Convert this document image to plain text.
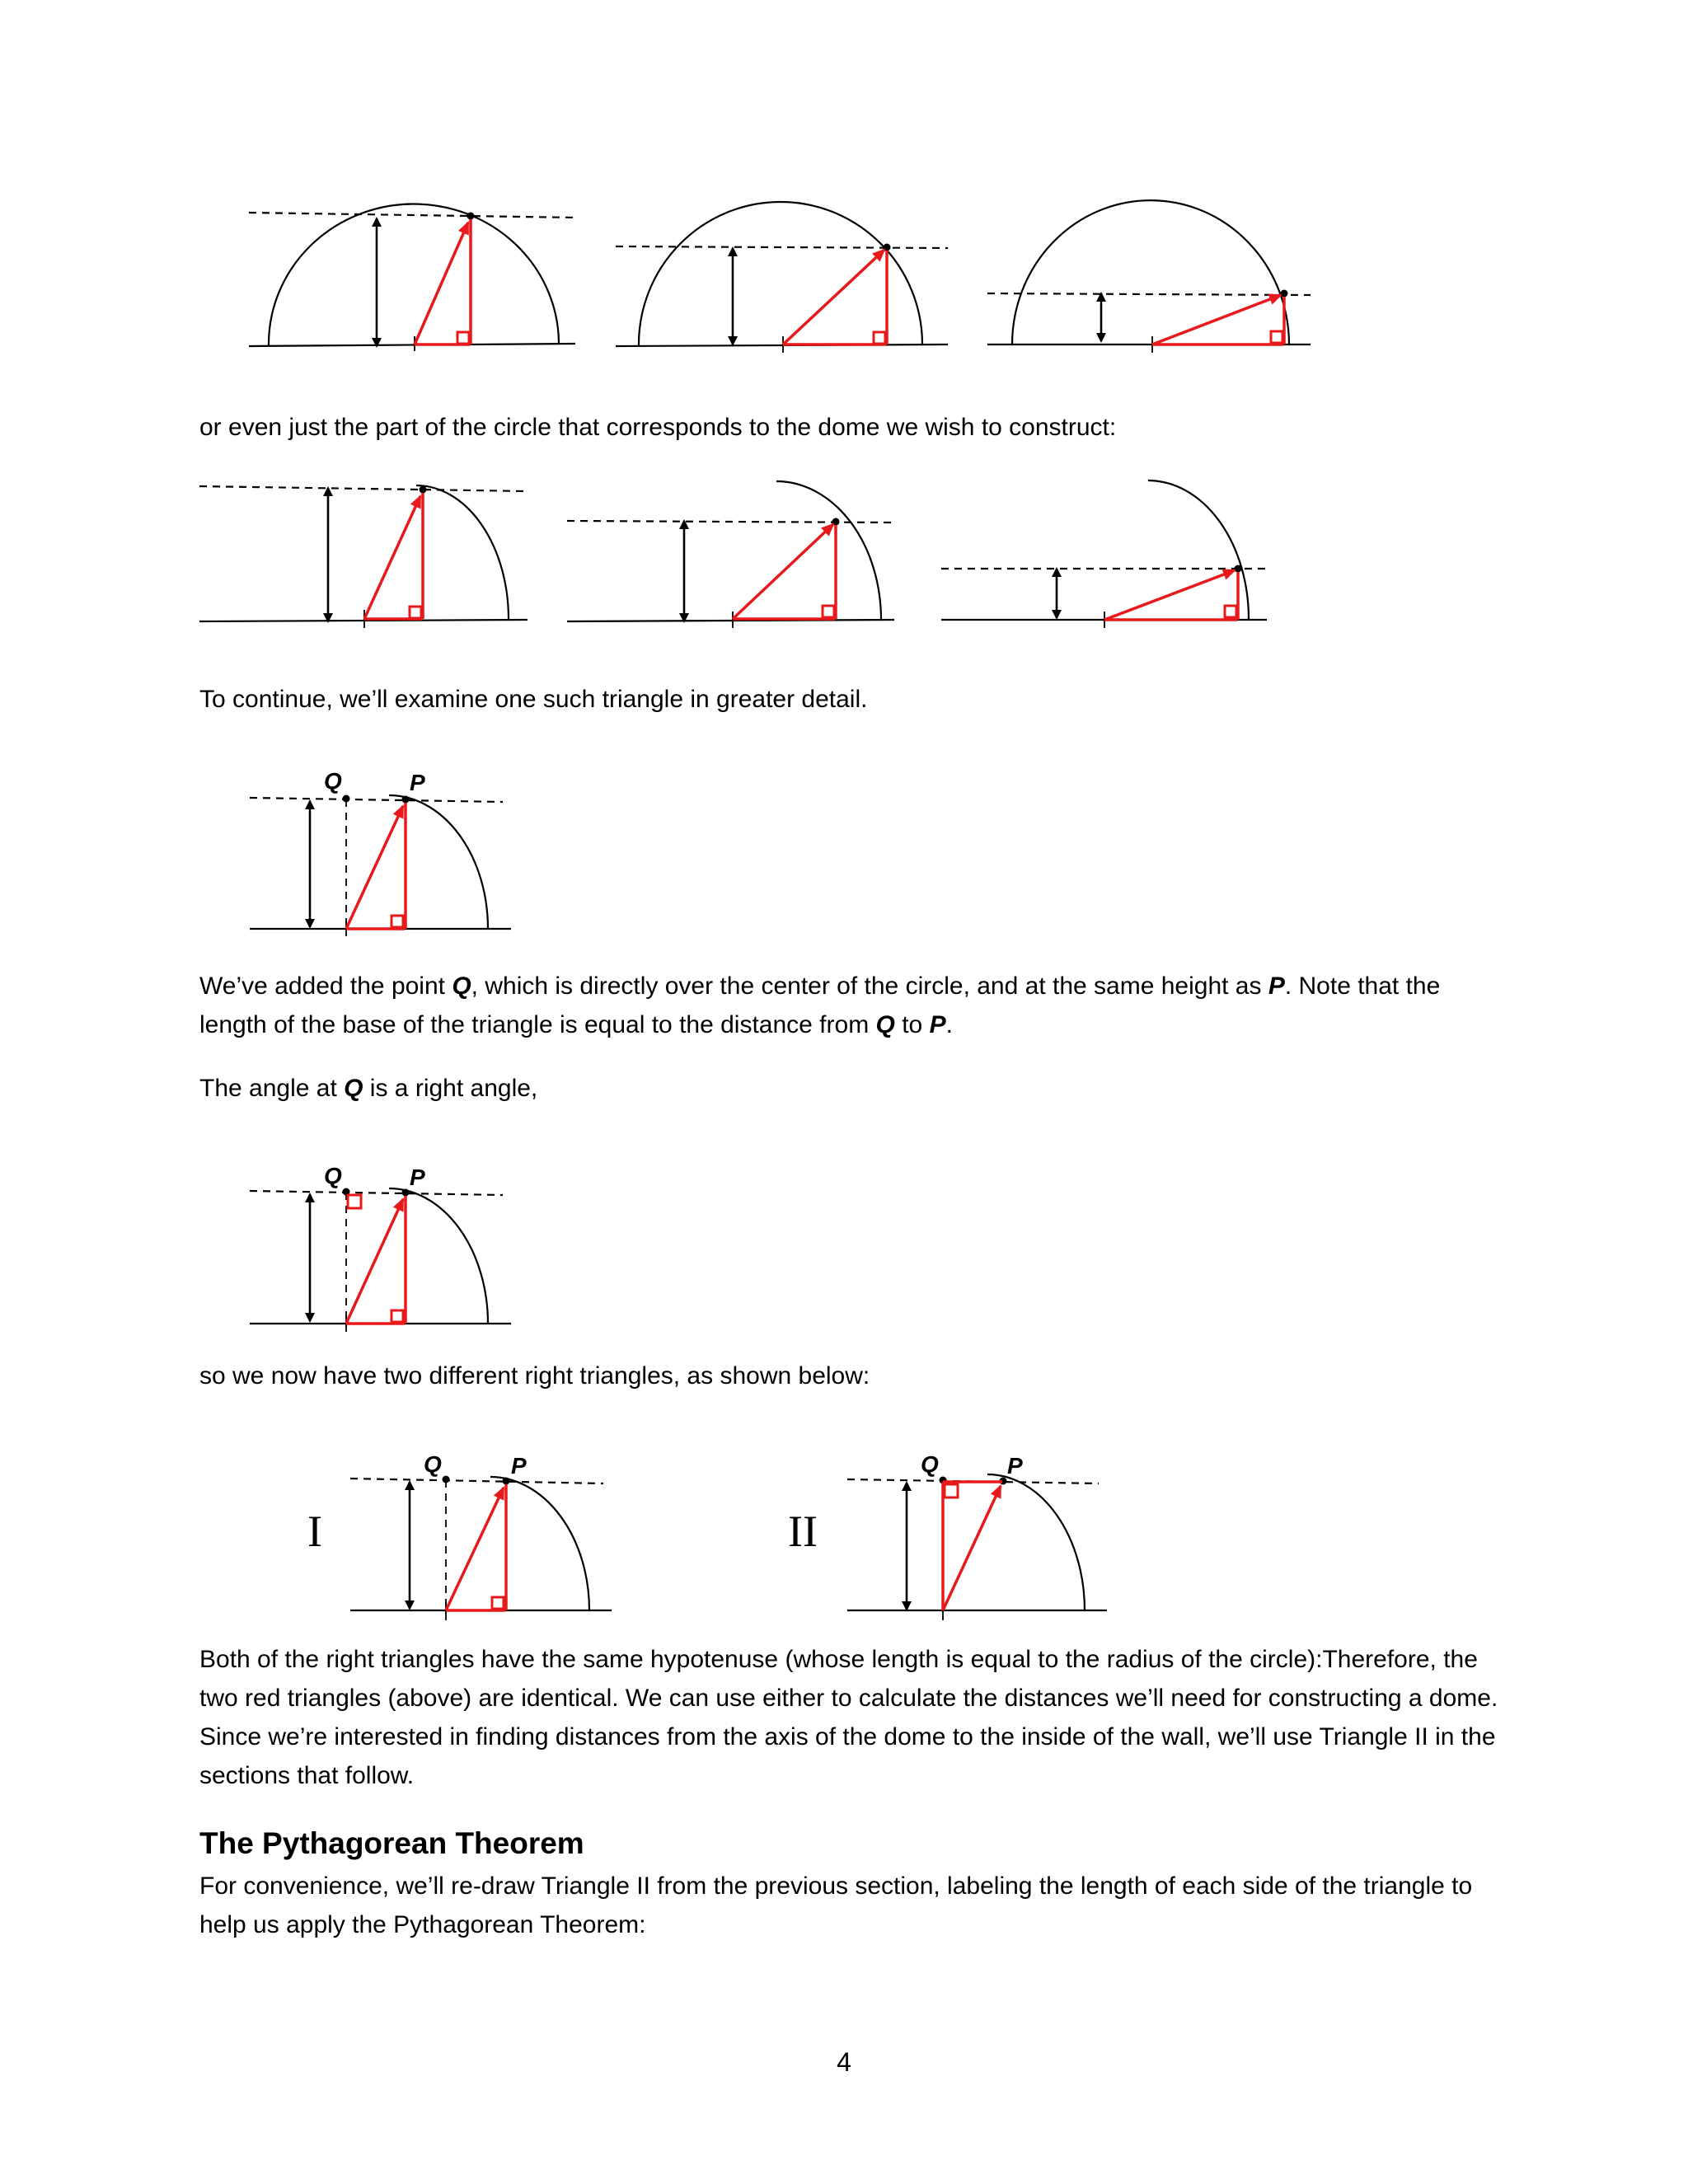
Q	P
Q	P
Q	P	Q	P
I	II

or even just the part of the circle that corresponds to the dome we wish to construct:

To continue, we’ll examine one such triangle in greater detail.

We’ve added the point Q, which is directly over the center of the circle, and at the same height as P. Note that the length of the base of the triangle is equal to the distance from Q to P.

The angle at Q is a right angle,

so we now have two different right triangles, as shown below:

Both of the right triangles have the same hypotenuse (whose length is equal to the radius of the circle):Therefore, the two red triangles (above) are identical. We can use either to calculate the distances we’ll need for constructing a dome. Since we’re interested in finding distances from the axis of the dome to the inside of the wall, we’ll use Triangle II in the sections that follow.

The Pythagorean Theorem

For convenience, we’ll re-draw Triangle II from the previous section, labeling the length of each side of the triangle to help us apply the Pythagorean Theorem:

4
